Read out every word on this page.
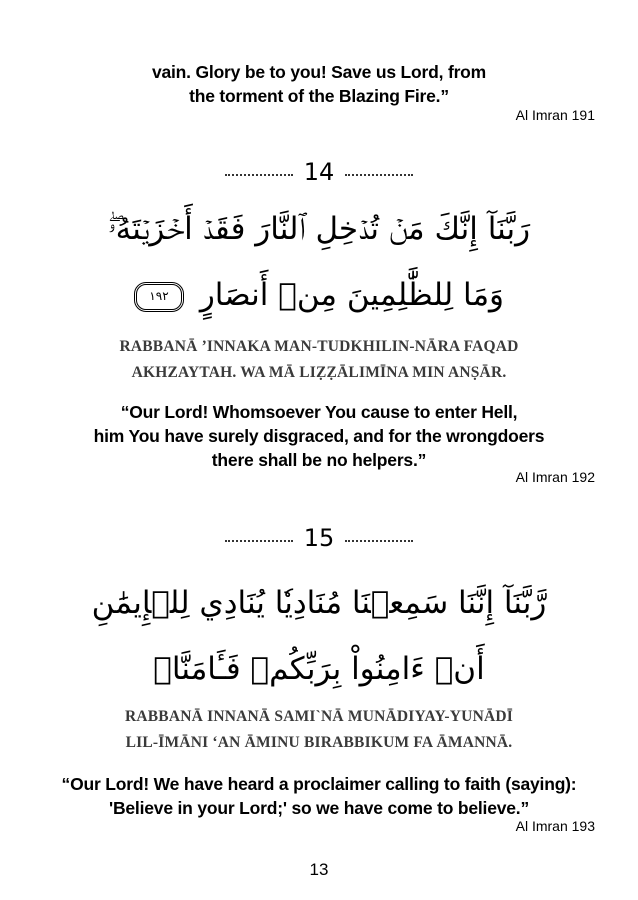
vain. Glory be to you! Save us Lord, from
the torment of the Blazing Fire.”
Al Imran 191
14
رَبَّنَآ إِنَّكَ مَنۡ تُدۡخِلِ ٱلنَّارَ فَقَدۡ أَخۡزَيۡتَهُۥۖ
وَمَا لِلظَّٰلِمِينَ مِنۡ أَنصَارٍ ١٩٢
RABBANĀ ’INNAKA MAN-TUDKHILIN-NĀRA FAQAD
AKHZAYTAH. WA MĀ LIẒẒĀLIMĪNA MIN ANṢĀR.
“Our Lord! Whomsoever You cause to enter Hell,
him You have surely disgraced, and for the wrongdoers
there shall be no helpers.”
Al Imran 192
15
رَّبَّنَآ إِنَّنَا سَمِعۡنَا مُنَادِيٗا يُنَادِي لِلۡإِيمَٰنِ
أَنۡ ءَامِنُواْ بِرَبِّكُمۡ فَـَٔامَنَّاۚ
RABBANĀ INNANĀ SAMI`NĀ MUNĀDIYAY-YUNĀDĪ
LIL-ĪMĀNI ‘AN ĀMINU BIRABBIKUM FA ĀMANNĀ.
“Our Lord! We have heard a proclaimer calling to faith (saying):
'Believe in your Lord;' so we have come to believe.”
Al Imran 193
13
